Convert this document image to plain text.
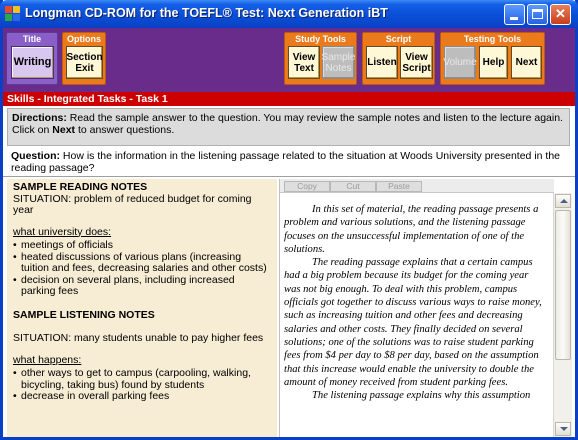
Longman CD-ROM for the TOEFL® Test: Next Generation iBT	✕
Title
Writing
Options
Section
Exit
Study Tools
View
Text
Sample
Notes
Script
Listen View
Script
Testing Tools
Volume Help Next
Skills - Integrated Tasks - Task 1
Directions: Read the sample answer to the question. You may review the sample notes and listen to the lecture again. Click on Next to answer questions.
Question: How is the information in the listening passage related to the situation at Woods University presented in the reading passage?
SAMPLE READING NOTES
SITUATION: problem of reduced budget for coming year
what university does:
• meetings of officials
• heated discussions of various plans (increasing tuition and fees, decreasing salaries and other costs)
• decision on several plans, including increased parking fees
SAMPLE LISTENING NOTES
SITUATION: many students unable to pay higher fees
what happens:
• other ways to get to campus (carpooling, walking, bicycling, taking bus) found by students
• decrease in overall parking fees
Copy	Cut	Paste

In this set of material, the reading passage presents a problem and various solutions, and the listening passage focuses on the unsuccessful implementation of one of the solutions.

The reading passage explains that a certain campus had a big problem because its budget for the coming year was not big enough. To deal with this problem, campus officials got together to discuss various ways to raise money, such as increasing tuition and other fees and decreasing salaries and other costs. They finally decided on several solutions; one of the solutions was to raise student parking fees from $4 per day to $8 per day, based on the assumption that this increase would enable the university to double the amount of money received from student parking fees.

The listening passage explains why this assumption
